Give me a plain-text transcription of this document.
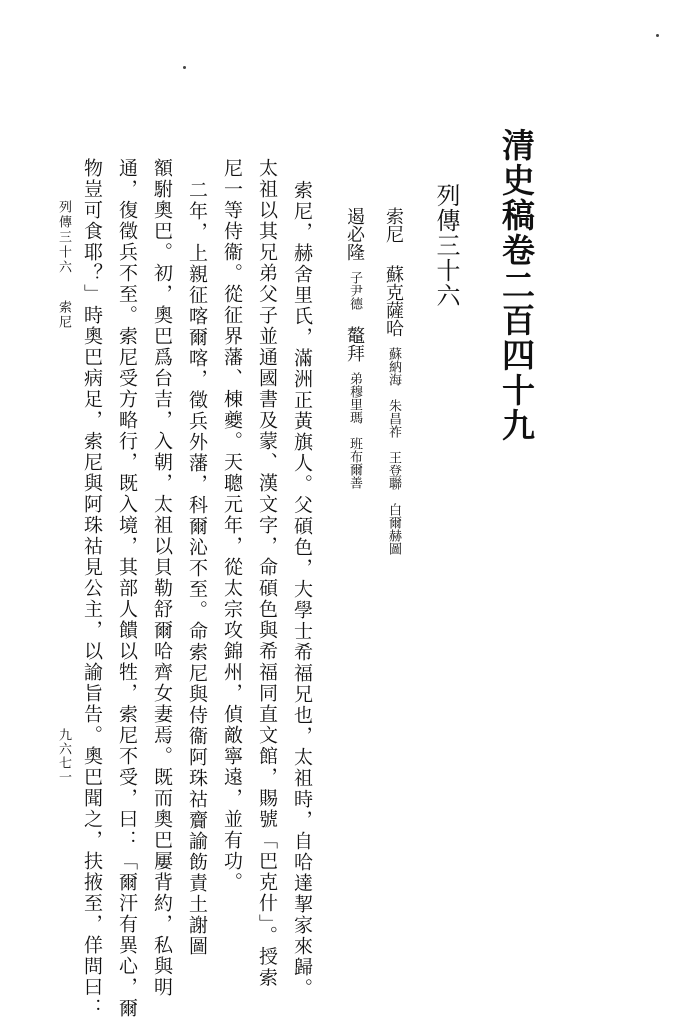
清史稿卷二百四十九
列傳三十六
索尼蘇克薩哈蘇納海　朱昌祚　王登聯　白爾赫圖
遏必隆子尹德鼇拜弟穆里瑪　班布爾善
索尼，赫舍里氏，滿洲正黃旗人。父碩色，大學士希福兄也，太祖時，自哈達挈家來歸。
太祖以其兄弟父子並通國書及蒙、漢文字，命碩色與希福同直文館，賜號「巴克什」。授索
尼一等侍衞。從征界藩、棟夔。天聰元年，從太宗攻錦州，偵敵寧遠，並有功。
二年，上親征喀爾喀，徵兵外藩，科爾沁不至。命索尼與侍衞阿珠祜齎諭飭責土謝圖
額駙奧巴。初，奧巴爲台吉，入朝，太祖以貝勒舒爾哈齊女妻焉。既而奧巴屢背約，私與明
通，復徵兵不至。索尼受方略行，既入境，其部人饋以牲，索尼不受，曰：「爾汗有異心，爾
物豈可食耶？」時奧巴病足，索尼與阿珠祜見公主，以諭旨告。奧巴聞之，扶掖至，佯問曰：
列傳三十六
索尼
九六七一
